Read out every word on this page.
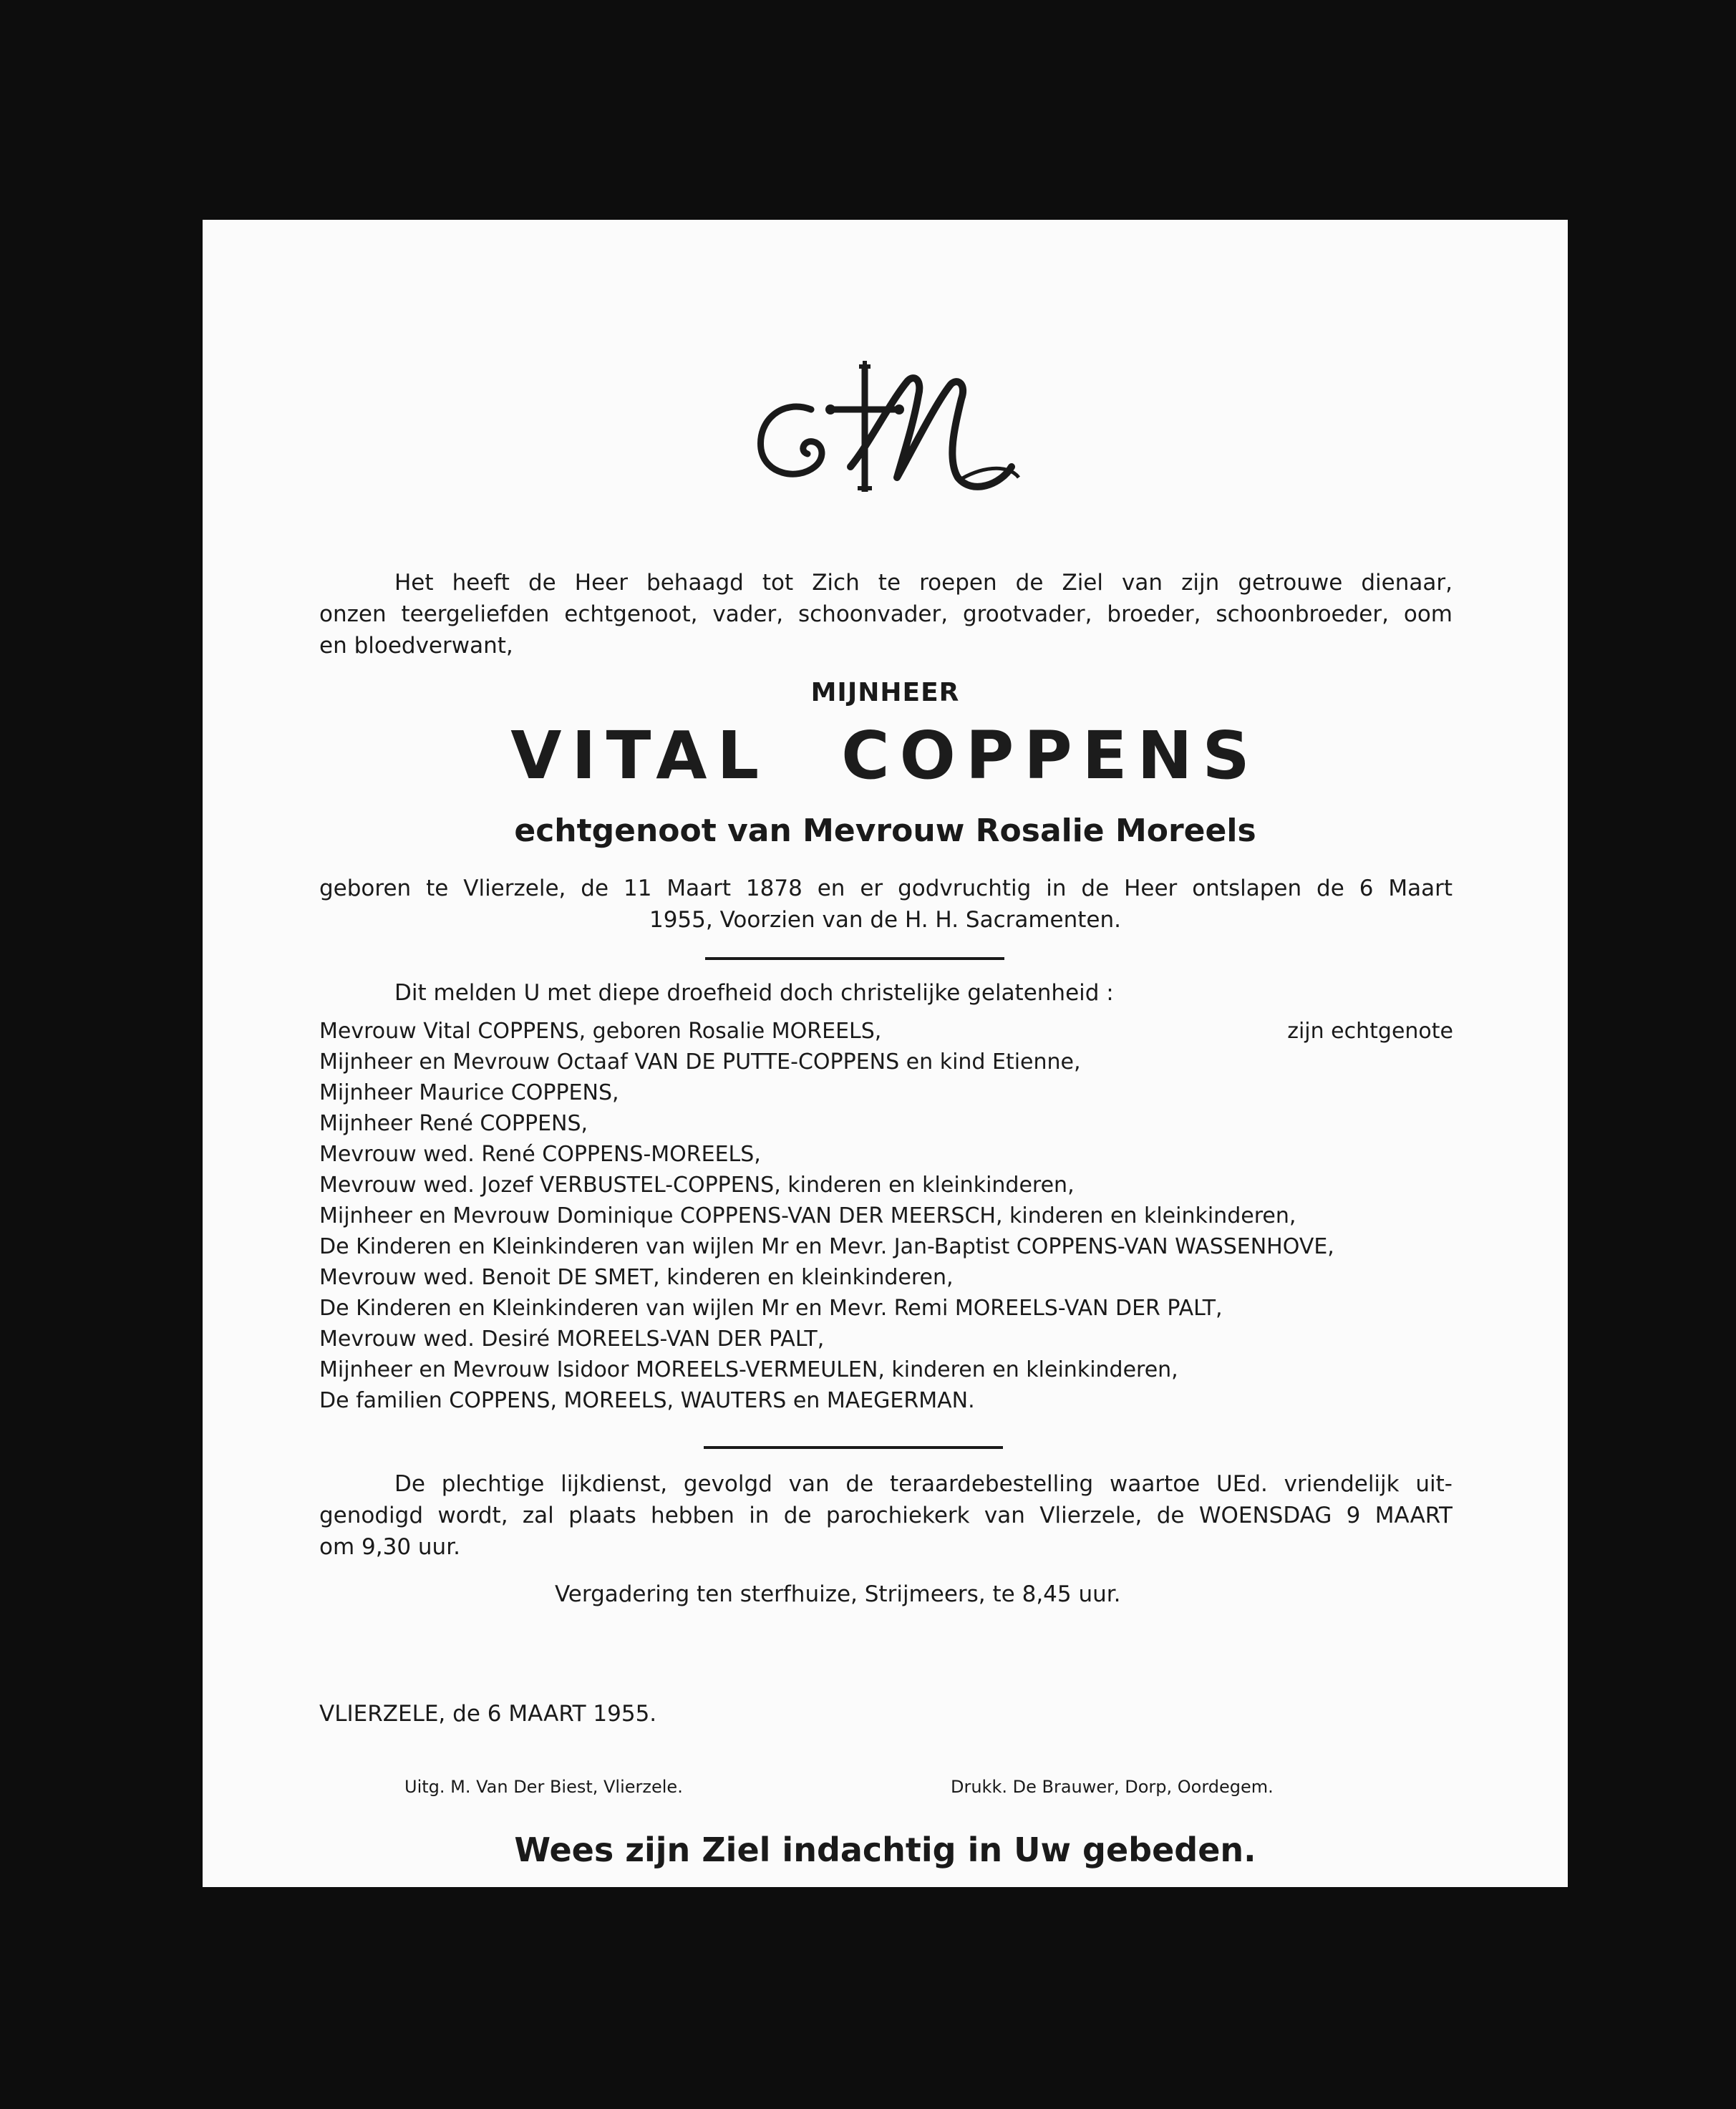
Het heeft de Heer behaagd tot Zich te roepen de Ziel van zijn getrouwe dienaar,
onzen teergeliefden echtgenoot, vader, schoonvader, grootvader, broeder, schoonbroeder, oom
en bloedverwant,
MIJNHEER
VITAL COPPENS
echtgenoot van Mevrouw Rosalie Moreels
geboren te Vlierzele, de 11 Maart 1878 en er godvruchtig in de Heer ontslapen de 6 Maart
1955, Voorzien van de H. H. Sacramenten.
Dit melden U met diepe droefheid doch christelijke gelatenheid :
Mevrouw Vital COPPENS, geboren Rosalie MOREELS,	zijn echtgenote
Mijnheer en Mevrouw Octaaf VAN DE PUTTE-COPPENS en kind Etienne,
Mijnheer Maurice COPPENS,
Mijnheer René COPPENS,
Mevrouw wed. René COPPENS-MOREELS,
Mevrouw wed. Jozef VERBUSTEL-COPPENS, kinderen en kleinkinderen,
Mijnheer en Mevrouw Dominique COPPENS-VAN DER MEERSCH, kinderen en kleinkinderen,
De Kinderen en Kleinkinderen van wijlen Mr en Mevr. Jan-Baptist COPPENS-VAN WASSENHOVE,
Mevrouw wed. Benoit DE SMET, kinderen en kleinkinderen,
De Kinderen en Kleinkinderen van wijlen Mr en Mevr. Remi MOREELS-VAN DER PALT,
Mevrouw wed. Desiré MOREELS-VAN DER PALT,
Mijnheer en Mevrouw Isidoor MOREELS-VERMEULEN, kinderen en kleinkinderen,
De familien COPPENS, MOREELS, WAUTERS en MAEGERMAN.
De plechtige lijkdienst, gevolgd van de teraardebestelling waartoe UEd. vriendelijk uit-
genodigd wordt, zal plaats hebben in de parochiekerk van Vlierzele, de WOENSDAG 9 MAART
om 9,30 uur.
Vergadering ten sterfhuize, Strijmeers, te 8,45 uur.
Wees zijn Ziel indachtig in Uw gebeden.
VLIERZELE, de 6 MAART 1955.
Uitg. M. Van Der Biest, Vlierzele.	Drukk. De Brauwer, Dorp, Oordegem.
